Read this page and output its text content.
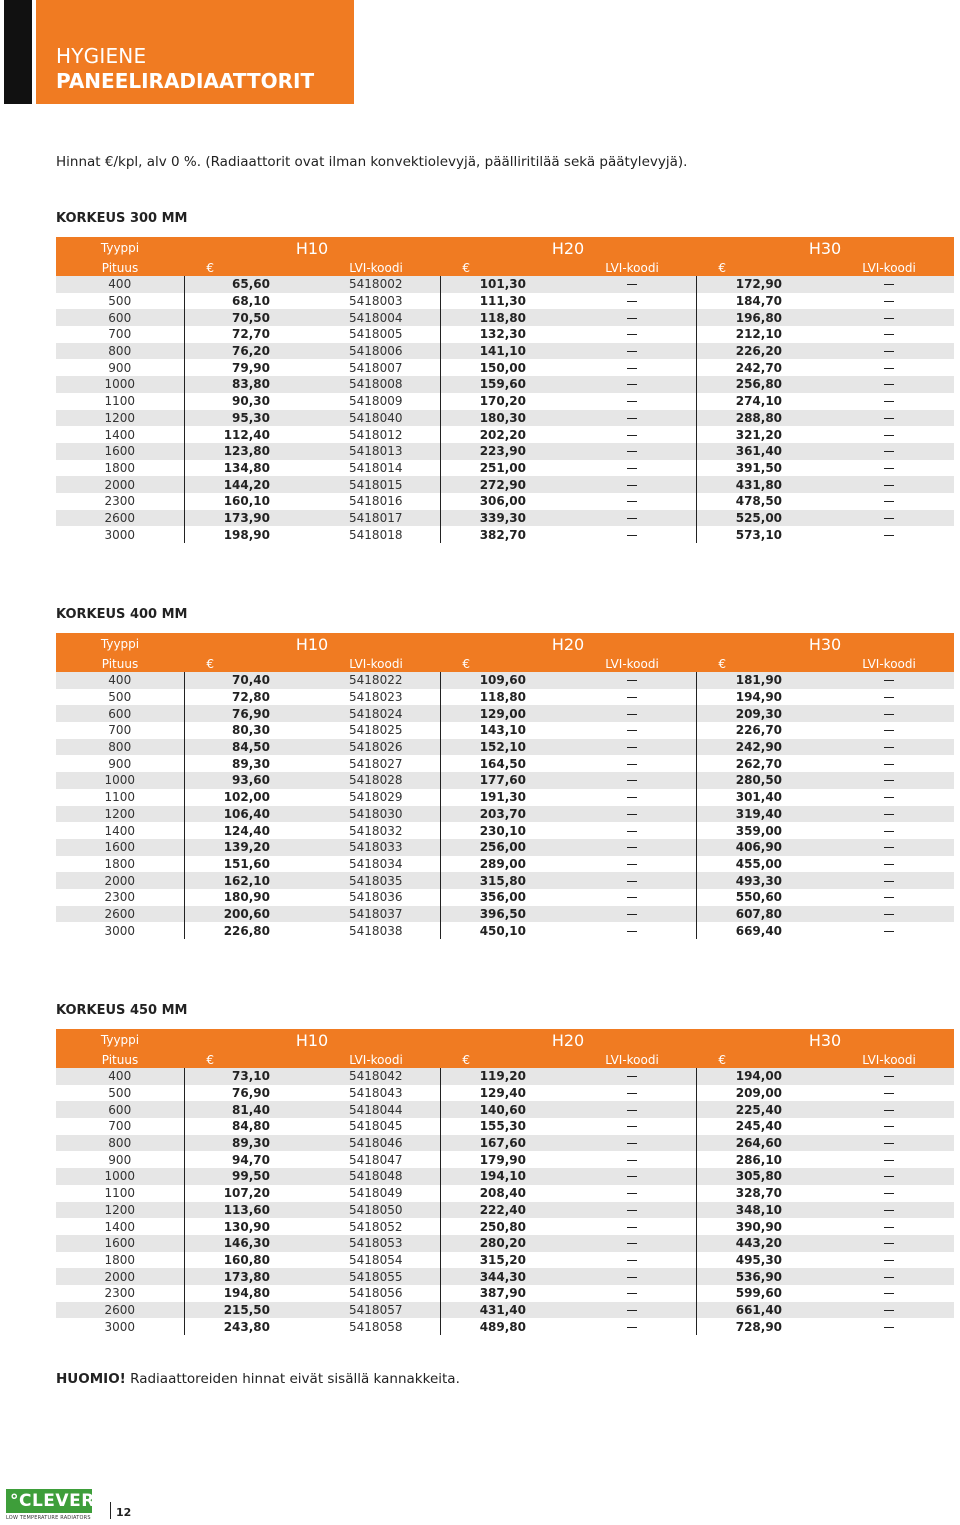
HYGIENE
PANEELIRADIAATTORIT
Hinnat €/kpl, alv 0 %. (Radiaattorit ovat ilman konvektiolevyjä, päälliritilää sekä päätylevyjä).
KORKEUS 300 MM
Tyyppi	H10		H20		H30	
Pituus	€	LVI-koodi	€	LVI-koodi	€	LVI-koodi
400	65,60	5418002	101,30		172,90	
500	68,10	5418003	111,30		184,70	
600	70,50	5418004	118,80		196,80	
700	72,70	5418005	132,30		212,10	
800	76,20	5418006	141,10		226,20	
900	79,90	5418007	150,00		242,70	
1000	83,80	5418008	159,60		256,80	
1100	90,30	5418009	170,20		274,10	
1200	95,30	5418040	180,30		288,80	
1400	112,40	5418012	202,20		321,20	
1600	123,80	5418013	223,90		361,40	
1800	134,80	5418014	251,00		391,50	
2000	144,20	5418015	272,90		431,80	
2300	160,10	5418016	306,00		478,50	
2600	173,90	5418017	339,30		525,00	
3000	198,90	5418018	382,70		573,10	
KORKEUS 400 MM
Tyyppi	H10		H20		H30	
Pituus	€	LVI-koodi	€	LVI-koodi	€	LVI-koodi
400	70,40	5418022	109,60		181,90	
500	72,80	5418023	118,80		194,90	
600	76,90	5418024	129,00		209,30	
700	80,30	5418025	143,10		226,70	
800	84,50	5418026	152,10		242,90	
900	89,30	5418027	164,50		262,70	
1000	93,60	5418028	177,60		280,50	
1100	102,00	5418029	191,30		301,40	
1200	106,40	5418030	203,70		319,40	
1400	124,40	5418032	230,10		359,00	
1600	139,20	5418033	256,00		406,90	
1800	151,60	5418034	289,00		455,00	
2000	162,10	5418035	315,80		493,30	
2300	180,90	5418036	356,00		550,60	
2600	200,60	5418037	396,50		607,80	
3000	226,80	5418038	450,10		669,40	
KORKEUS 450 MM
Tyyppi	H10		H20		H30	
Pituus	€	LVI-koodi	€	LVI-koodi	€	LVI-koodi
400	73,10	5418042	119,20		194,00	
500	76,90	5418043	129,40		209,00	
600	81,40	5418044	140,60		225,40	
700	84,80	5418045	155,30		245,40	
800	89,30	5418046	167,60		264,60	
900	94,70	5418047	179,90		286,10	
1000	99,50	5418048	194,10		305,80	
1100	107,20	5418049	208,40		328,70	
1200	113,60	5418050	222,40		348,10	
1400	130,90	5418052	250,80		390,90	
1600	146,30	5418053	280,20		443,20	
1800	160,80	5418054	315,20		495,30	
2000	173,80	5418055	344,30		536,90	
2300	194,80	5418056	387,90		599,60	
2600	215,50	5418057	431,40		661,40	
3000	243,80	5418058	489,80		728,90	
HUOMIO! Radiaattoreiden hinnat eivät sisällä kannakkeita.
°CLEVER
LOW TEMPERATURE RADIATORS 12
